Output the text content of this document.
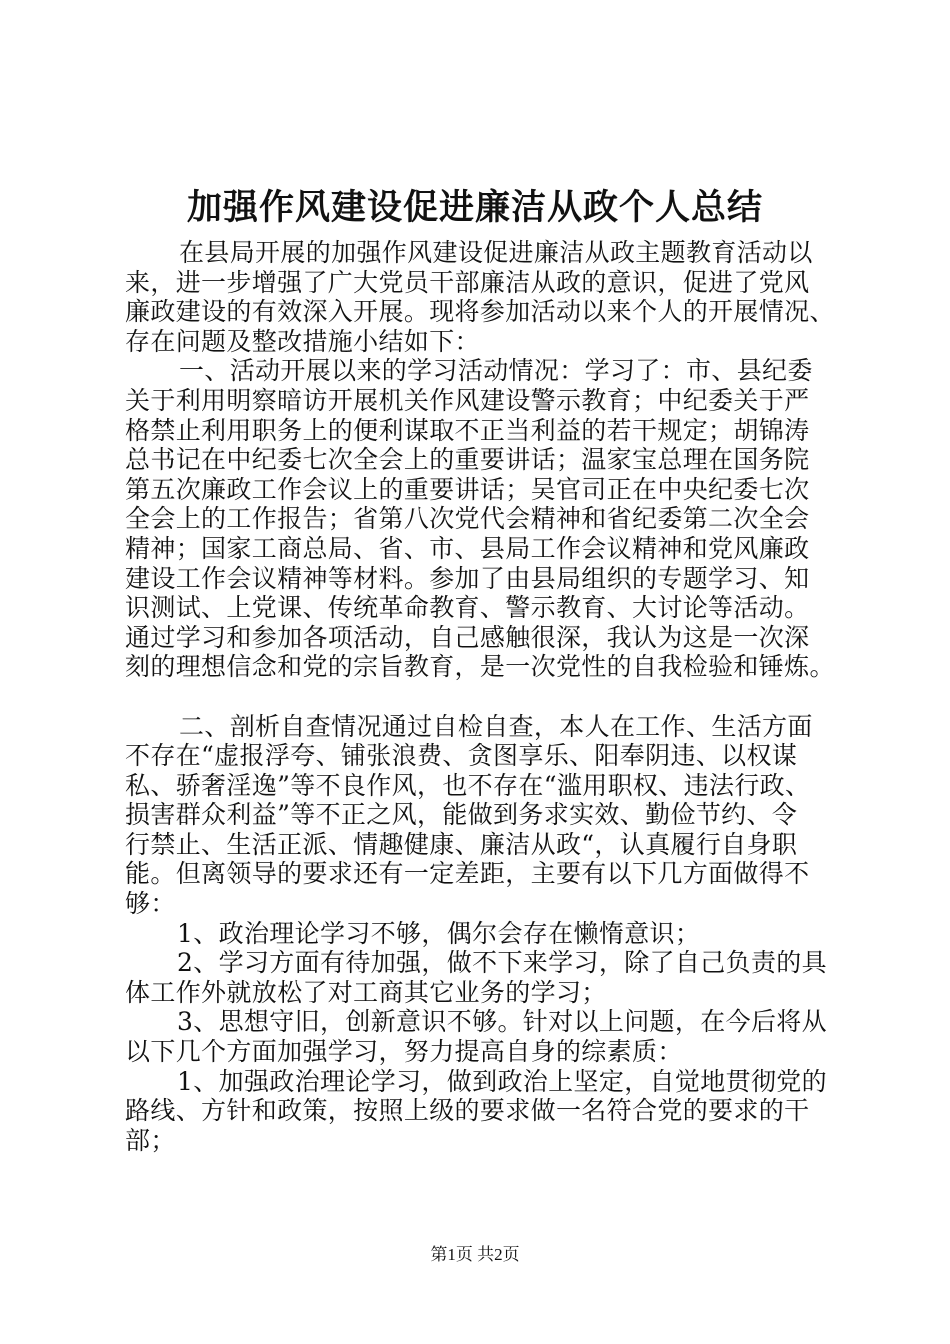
加强作风建设促进廉洁从政个人总结
在县局开展的加强作风建设促进廉洁从政主题教育活动以
来，进一步增强了广大党员干部廉洁从政的意识，促进了党风
廉政建设的有效深入开展。现将参加活动以来个人的开展情况、
存在问题及整改措施小结如下：
一、活动开展以来的学习活动情况：学习了：市、县纪委
关于利用明察暗访开展机关作风建设警示教育；中纪委关于严
格禁止利用职务上的便利谋取不正当利益的若干规定；胡锦涛
总书记在中纪委七次全会上的重要讲话；温家宝总理在国务院
第五次廉政工作会议上的重要讲话；吴官司正在中央纪委七次
全会上的工作报告；省第八次党代会精神和省纪委第二次全会
精神；国家工商总局、省、市、县局工作会议精神和党风廉政
建设工作会议精神等材料。参加了由县局组织的专题学习、知
识测试、上党课、传统革命教育、警示教育、大讨论等活动。
通过学习和参加各项活动，自己感触很深，我认为这是一次深
刻的理想信念和党的宗旨教育，是一次党性的自我检验和锤炼。
二、剖析自查情况通过自检自查，本人在工作、生活方面
不存在“虚报浮夸、铺张浪费、贪图享乐、阳奉阴违、以权谋
私、骄奢淫逸”等不良作风，也不存在“滥用职权、违法行政、
损害群众利益”等不正之风，能做到务求实效、勤俭节约、令
行禁止、生活正派、情趣健康、廉洁从政“，认真履行自身职
能。但离领导的要求还有一定差距，主要有以下几方面做得不
够：
1、政治理论学习不够，偶尔会存在懒惰意识；
2、学习方面有待加强，做不下来学习，除了自己负责的具
体工作外就放松了对工商其它业务的学习；
3、思想守旧，创新意识不够。针对以上问题，在今后将从
以下几个方面加强学习，努力提高自身的综素质：
1、加强政治理论学习，做到政治上坚定，自觉地贯彻党的
路线、方针和政策，按照上级的要求做一名符合党的要求的干
部；
第1页 共2页
